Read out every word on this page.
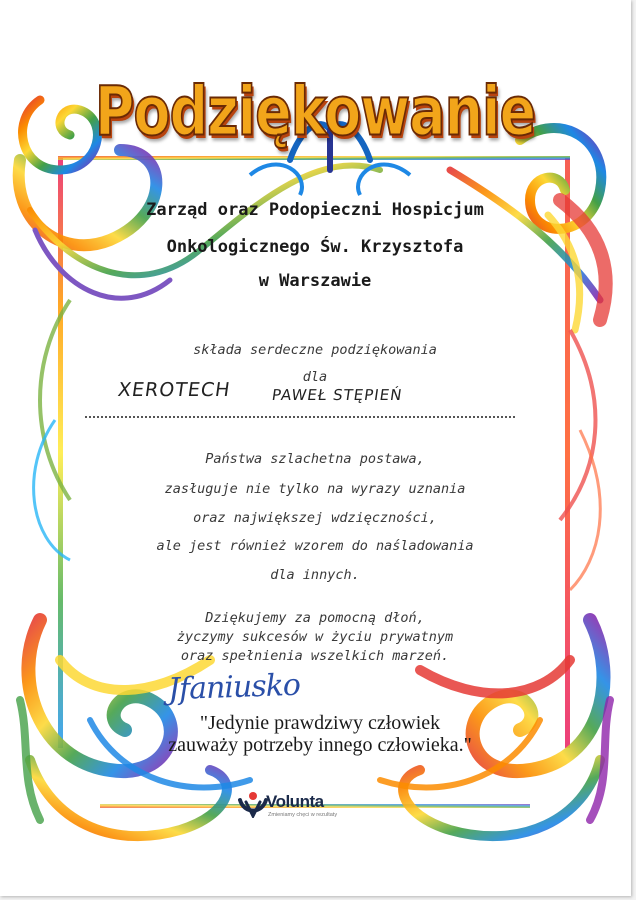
Podziękowanie
Zarząd oraz Podopieczni Hospicjum
Onkologicznego Św. Krzysztofa
w Warszawie
składa serdeczne podziękowania
dla
XEROTECH	PAWEŁ STĘPIEŃ
Państwa szlachetna postawa,
zasługuje nie tylko na wyrazy uznania
oraz największej wdzięczności,
ale jest również wzorem do naśladowania
dla innych.
Dziękujemy za pomocną dłoń,
życzymy sukcesów w życiu prywatnym
oraz spełnienia wszelkich marzeń.
Jfaniusko
"Jedynie prawdziwy człowiek
zauważy potrzeby innego człowieka."
Volunta
Zmieniamy chęci w rezultaty
